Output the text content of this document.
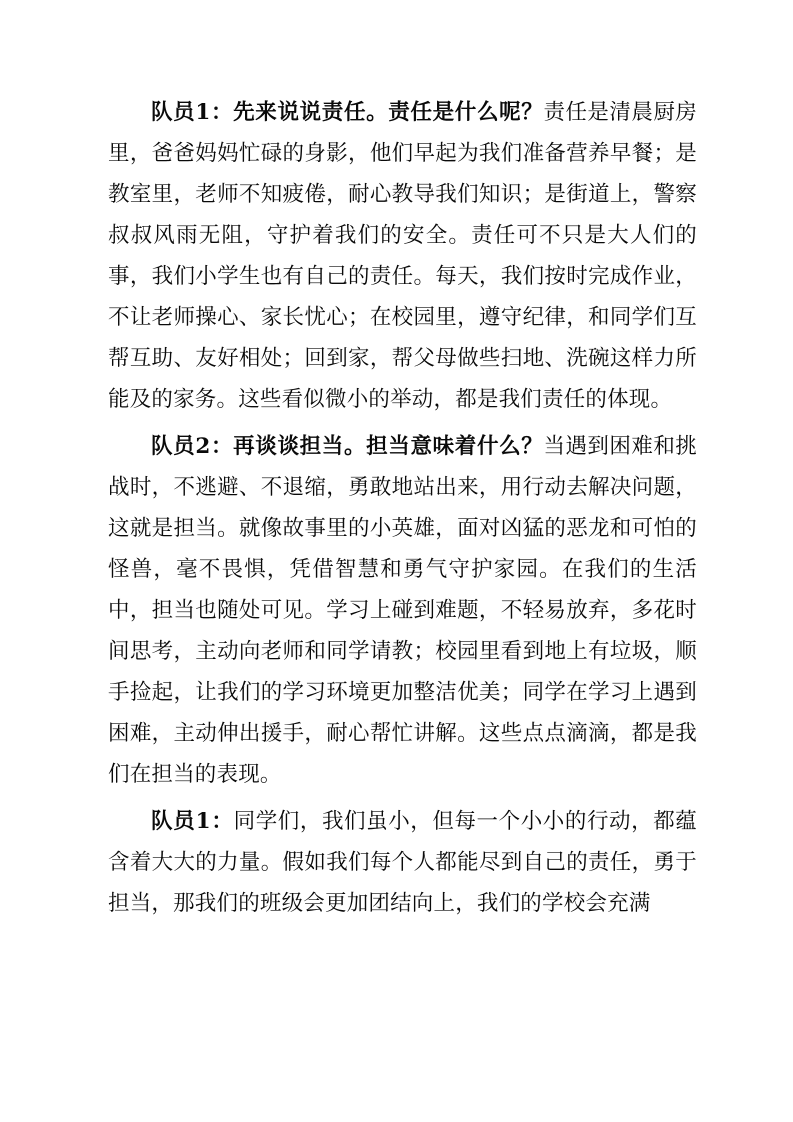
队员1：先来说说责任。责任是什么呢？责任是清晨厨房里，爸爸妈妈忙碌的身影，他们早起为我们准备营养早餐；是教室里，老师不知疲倦，耐心教导我们知识；是街道上，警察叔叔风雨无阻，守护着我们的安全。责任可不只是大人们的事，我们小学生也有自己的责任。每天，我们按时完成作业，不让老师操心、家长忧心；在校园里，遵守纪律，和同学们互帮互助、友好相处；回到家，帮父母做些扫地、洗碗这样力所能及的家务。这些看似微小的举动，都是我们责任的体现。

队员2：再谈谈担当。担当意味着什么？当遇到困难和挑战时，不逃避、不退缩，勇敢地站出来，用行动去解决问题，这就是担当。就像故事里的小英雄，面对凶猛的恶龙和可怕的怪兽，毫不畏惧，凭借智慧和勇气守护家园。在我们的生活中，担当也随处可见。学习上碰到难题，不轻易放弃，多花时间思考，主动向老师和同学请教；校园里看到地上有垃圾，顺手捡起，让我们的学习环境更加整洁优美；同学在学习上遇到困难，主动伸出援手，耐心帮忙讲解。这些点点滴滴，都是我们在担当的表现。

队员1：同学们，我们虽小，但每一个小小的行动，都蕴含着大大的力量。假如我们每个人都能尽到自己的责任，勇于担当，那我们的班级会更加团结向上，我们的学校会充满
